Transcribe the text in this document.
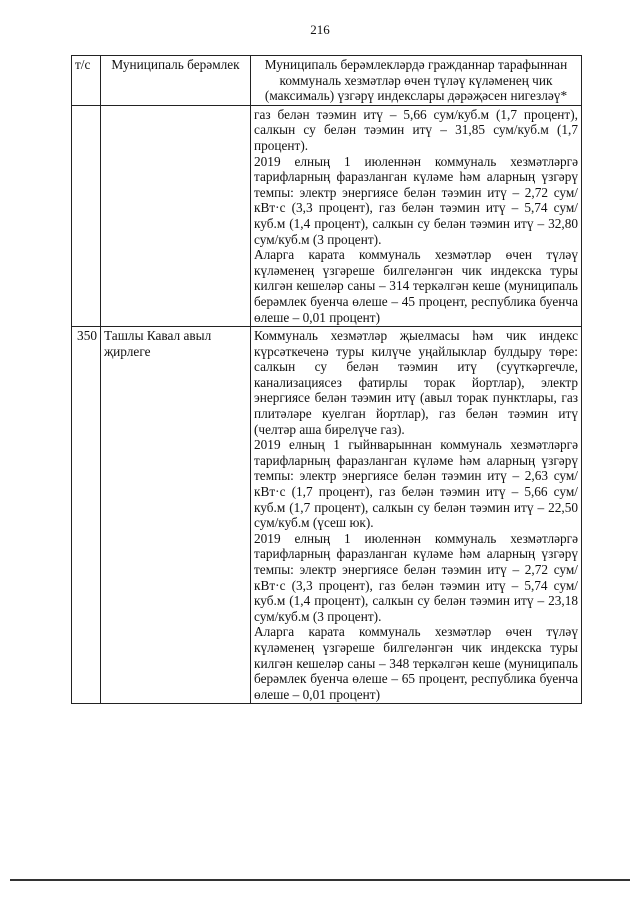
216
т/с	Муниципаль берәмлек	Муниципаль берәмлекләрдә гражданнар тарафыннан коммуналь хезмәтләр өчен түләү күләменең чик (максималь) үзгәрү индекслары дәрәҗәсен нигезләү*

		газ белән тәэмин итү – 5,66 сум/куб.м (1,7 процент), салкын су белән тәэмин итү – 31,85 сум/куб.м (1,7 процент).

2019 елның 1 июленнән коммуналь хезмәтләргә тарифларның фаразланган күләме һәм аларның үзгәрү темпы: электр энергиясе белән тәэмин итү – 2,72 сум/кВт·с (3,3 процент), газ белән тәэмин итү – 5,74 сум/куб.м (1,4 процент), салкын су белән тәэмин итү – 32,80 сум/куб.м (3 процент).

Аларга карата коммуналь хезмәтләр өчен түләү күләменең үзгәреше билгеләнгән чик индекска туры килгән кешеләр саны – 314 теркәлгән кеше (муниципаль берәмлек буенча өлеше – 45 процент, республика буенча өлеше – 0,01 процент)

350	Ташлы Кавал авыл җирлеге	Коммуналь хезмәтләр җыелмасы һәм чик индекс күрсәткеченә туры килүче уңайлыклар булдыру төре: салкын су белән тәэмин итү (суүткәргечле, канализациясез фатирлы торак йортлар), электр энергиясе белән тәэмин итү (авыл торак пунктлары, газ плитәләре куелган йортлар), газ белән тәэмин итү (челтәр аша бирелүче газ).

2019 елның 1 гыйнварыннан коммуналь хезмәтләргә тарифларның фаразланган күләме һәм аларның үзгәрү темпы: электр энергиясе белән тәэмин итү – 2,63 сум/кВт·с (1,7 процент), газ белән тәэмин итү – 5,66 сум/куб.м (1,7 процент), салкын су белән тәэмин итү – 22,50 сум/куб.м (үсеш юк).

2019 елның 1 июленнән коммуналь хезмәтләргә тарифларның фаразланган күләме һәм аларның үзгәрү темпы: электр энергиясе белән тәэмин итү – 2,72 сум/кВт·с (3,3 процент), газ белән тәэмин итү – 5,74 сум/куб.м (1,4 процент), салкын су белән тәэмин итү – 23,18 сум/куб.м (3 процент).

Аларга карата коммуналь хезмәтләр өчен түләү күләменең үзгәреше билгеләнгән чик индекска туры килгән кешеләр саны – 348 теркәлгән кеше (муниципаль берәмлек буенча өлеше – 65 процент, республика буенча өлеше – 0,01 процент)
